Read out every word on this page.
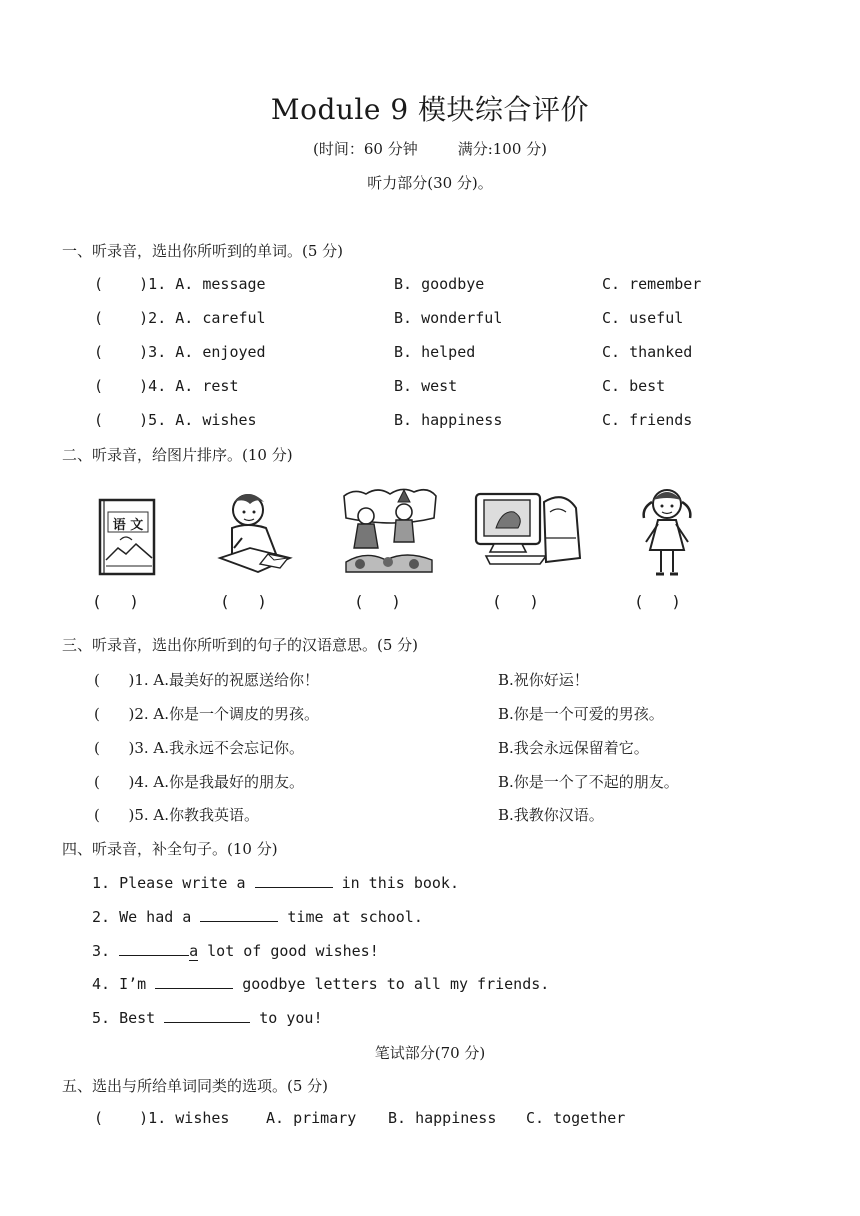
Module 9 模块综合评价
(时间：60 分钟	满分:100 分)
听力部分(30 分)。
一、听录音，选出你所听到的单词。(5 分)
(    )1. A. message	B. goodbye	C. remember
(    )2. A. careful	B. wonderful	C. useful
(    )3. A. enjoyed	B. helped	C. thanked
(    )4. A. rest	B. west	C. best
(    )5. A. wishes	B. happiness	C. friends
二、听录音，给图片排序。(10 分)
语 文
(      )	(      )	(      )	(      )	(      )
三、听录音，选出你所听到的句子的汉语意思。(5 分)
(      )1. A.最美好的祝愿送给你！	B.祝你好运！
(      )2. A.你是一个调皮的男孩。	B.你是一个可爱的男孩。
(      )3. A.我永远不会忘记你。	B.我会永远保留着它。
(      )4. A.你是我最好的朋友。	B.你是一个了不起的朋友。
(      )5. A.你教我英语。	B.我教你汉语。
四、听录音，补全句子。(10 分)
1. Please write a	in this book.
2. We had a	time at school.
3.	a lot of good wishes!
4. I’m	goodbye letters to all my friends.
5. Best	to you!
笔试部分(70 分)
五、选出与所给单词同类的选项。(5 分)
(    )1. wishes A. primary B. happiness C. together
